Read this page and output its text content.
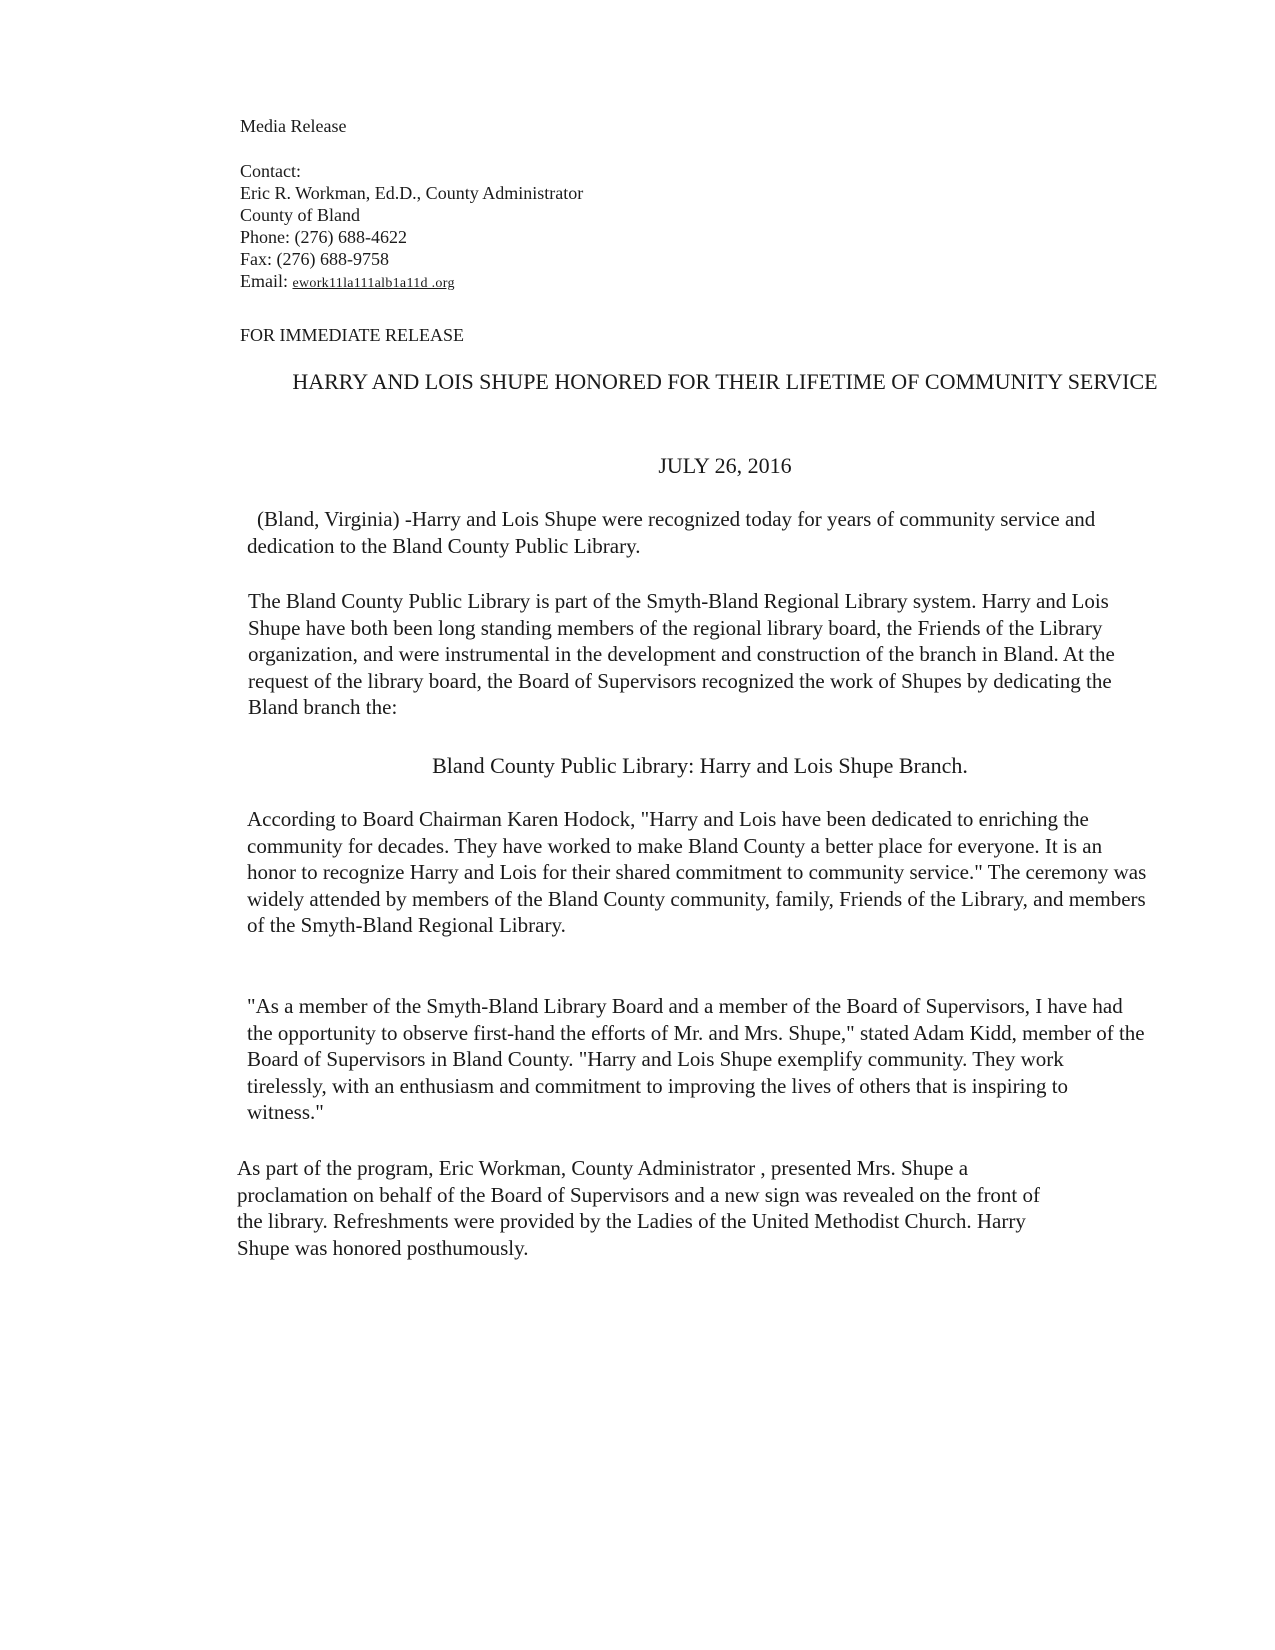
Media Release
Contact:
Eric R. Workman, Ed.D., County Administrator
County of Bland
Phone: (276) 688-4622
Fax: (276) 688-9758
Email: ework11la111alb1a11d .org
FOR IMMEDIATE RELEASE
HARRY AND LOIS SHUPE HONORED FOR THEIR LIFETIME OF COMMUNITY SERVICE
JULY 26, 2016

(Bland, Virginia) -Harry and Lois Shupe were recognized today for years of community service and dedication to the Bland County Public Library.

The Bland County Public Library is part of the Smyth-Bland Regional Library system. Harry and Lois Shupe have both been long standing members of the regional library board, the Friends of the Library organization, and were instrumental in the development and construction of the branch in Bland. At the request of the library board, the Board of Supervisors recognized the work of Shupes by dedicating the Bland branch the:

Bland County Public Library: Harry and Lois Shupe Branch.

According to Board Chairman Karen Hodock, "Harry and Lois have been dedicated to enriching the community for decades. They have worked to make Bland County a better place for everyone. It is an honor to recognize Harry and Lois for their shared commitment to community service." The ceremony was widely attended by members of the Bland County community, family, Friends of the Library, and members of the Smyth-Bland Regional Library.

"As a member of the Smyth-Bland Library Board and a member of the Board of Supervisors, I have had the opportunity to observe first-hand the efforts of Mr. and Mrs. Shupe," stated Adam Kidd, member of the Board of Supervisors in Bland County. "Harry and Lois Shupe exemplify community. They work tirelessly, with an enthusiasm and commitment to improving the lives of others that is inspiring to witness."

As part of the program, Eric Workman, County Administrator , presented Mrs. Shupe a proclamation on behalf of the Board of Supervisors and a new sign was revealed on the front of the library. Refreshments were provided by the Ladies of the United Methodist Church. Harry Shupe was honored posthumously.
